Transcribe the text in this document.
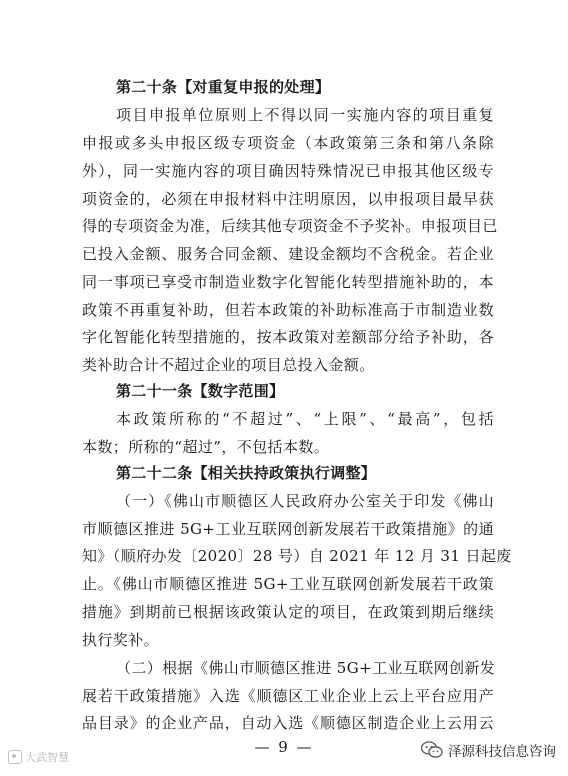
第二十条【对重复申报的处理】
项目申报单位原则上不得以同一实施内容的项目重复
申报或多头申报区级专项资金（本政策第三条和第八条除
外），同一实施内容的项目确因特殊情况已申报其他区级专
项资金的，必须在申报材料中注明原因，以申报项目最早获
得的专项资金为准，后续其他专项资金不予奖补。申报项目已
已投入金额、服务合同金额、建设金额均不含税金。若企业
同一事项已享受市制造业数字化智能化转型措施补助的，本
政策不再重复补助，但若本政策的补助标准高于市制造业数
字化智能化转型措施的，按本政策对差额部分给予补助，各
类补助合计不超过企业的项目总投入金额。
第二十一条【数字范围】
本政策所称的“不超过”、“上限”、“最高”，包括
本数；所称的“超过”，不包括本数。
第二十二条【相关扶持政策执行调整】
（一）《佛山市顺德区人民政府办公室关于印发《佛山
市顺德区推进 5G+工业互联网创新发展若干政策措施》的通
知》（顺府办发〔2020〕28 号）自 2021 年 12 月 31 日起废
止。《佛山市顺德区推进 5G+工业互联网创新发展若干政策
措施》到期前已根据该政策认定的项目，在政策到期后继续
执行奖补。
（二）根据《佛山市顺德区推进 5G+工业互联网创新发
展若干政策措施》入选《顺德区工业企业上云上平台应用产
品目录》的企业产品，自动入选《顺德区制造企业上云用云
— 9 —
大武智慧	泽源科技信息咨询
